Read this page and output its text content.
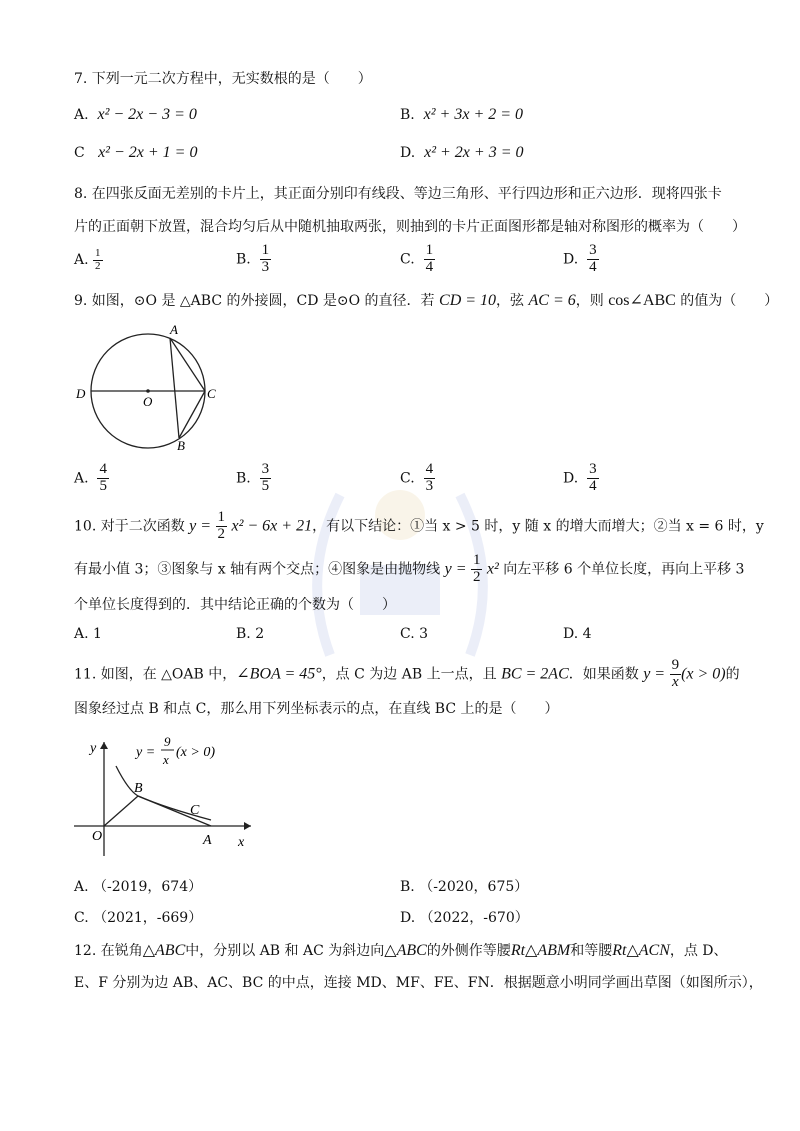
7. 下列一元二次方程中，无实数根的是（　　）
A. x² − 2x − 3 = 0	B. x² + 3x + 2 = 0
C x² − 2x + 1 = 0	D. x² + 2x + 3 = 0
8. 在四张反面无差别的卡片上，其正面分别印有线段、等边三角形、平行四边形和正六边形．现将四张卡
片的正面朝下放置，混合均匀后从中随机抽取两张，则抽到的卡片正面图形都是轴对称图形的概率为（　　）
A. $\frac{1}{2}$	B. $\frac{1}{3}$	C. $\frac{1}{4}$	D. $\frac{3}{4}$
9. 如图，⊙O 是 △ABC 的外接圆，CD 是⊙O 的直径．若 CD = 10，弦 AC = 6，则 cos∠ABC 的值为（　　）
A
B
C
D
O
A. $\frac{4}{5}$	B. $\frac{3}{5}$	C. $\frac{4}{3}$	D. $\frac{3}{4}$
10. 对于二次函数 $y = \frac{1}{2} x^2 - 6x + 21$，有以下结论：①当 x > 5 时，y 随 x 的增大而增大；②当 x = 6 时，y
有最小值 3；③图象与 x 轴有两个交点；④图象是由抛物线 $y = \frac{1}{2} x^2$ 向左平移 6 个单位长度，再向上平移 3
个单位长度得到的．其中结论正确的个数为（　　）
A. 1	B. 2	C. 3	D. 4
11. 如图，在 △OAB 中，∠BOA = 45°，点 C 为边 AB 上一点，且 BC = 2AC．如果函数 $y = \frac{9}{x} (x > 0)$的
图象经过点 B 和点 C，那么用下列坐标表示的点，在直线 BC 上的是（　　）
y
x
O	A
B
C
y =
9
x (x > 0)
A. （-2019，674）	B. （-2020，675）
C. （2021，-669）	D. （2022，-670）
12. 在锐角△ABC中，分别以 AB 和 AC 为斜边向△ABC的外侧作等腰Rt△ABM和等腰Rt△ACN，点 D、
E、F 分别为边 AB、AC、BC 的中点，连接 MD、MF、FE、FN．根据题意小明同学画出草图（如图所示），
